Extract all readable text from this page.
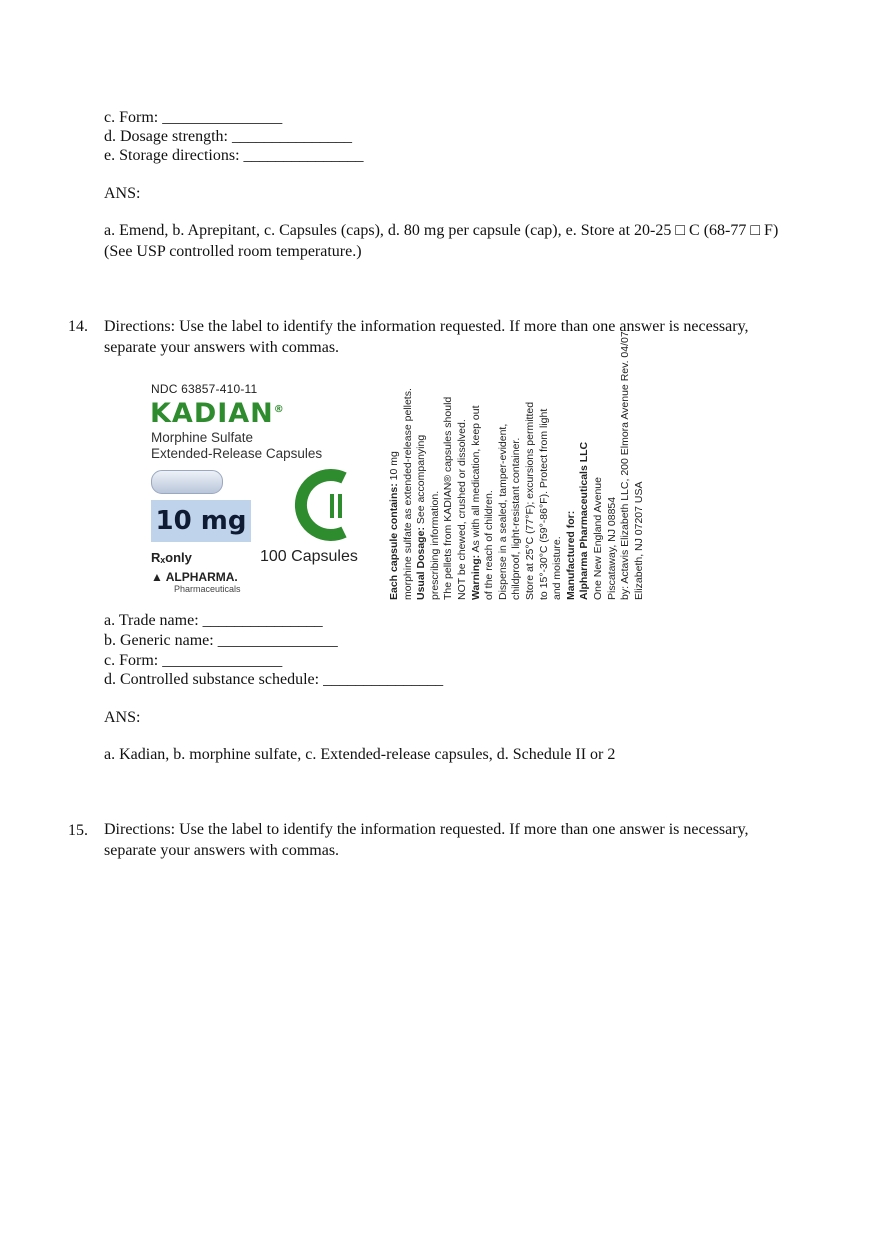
c. Form: _______________
d. Dosage strength: _______________
e. Storage directions: _______________
ANS:
a. Emend, b. Aprepitant, c. Capsules (caps), d. 80 mg per capsule (cap), e. Store at 20-25 □ C (68-77 □ F) (See USP controlled room temperature.)
14. Directions: Use the label to identify the information requested. If more than one answer is necessary, separate your answers with commas.
NDC 63857-410-11
KADIAN®
Morphine Sulfate
Extended-Release Capsules
10 mg
Rₓonly	100 Capsules
▲ ALPHARMA.
Pharmaceuticals	Each capsule contains: 10 mg morphine sulfate as extended-release pellets. Usual Dosage: See accompanying
prescribing information. The pellets from KADIAN® capsules should NOT be chewed, crushed or dissolved. Warning: As with all medication, keep out of the reach of children. Dispense in a sealed, tamper-evident, childproof, light-resistant container. Store at 25°C (77°F); excursions permitted to 15°-30°C (59°-86°F). Protect from light and moisture. Manufactured for: Alpharma Pharmaceuticals LLC One New England Avenue Piscataway, NJ 08854 by: Actavis Elizabeth LLC, 200 Elmora Avenue Rev. 04/07
Elizabeth, NJ 07207 USA
a. Trade name: _______________
b. Generic name: _______________
c. Form: _______________
d. Controlled substance schedule: _______________
ANS:
a. Kadian, b. morphine sulfate, c. Extended-release capsules, d. Schedule II or 2
15. Directions: Use the label to identify the information requested. If more than one answer is necessary, separate your answers with commas.
